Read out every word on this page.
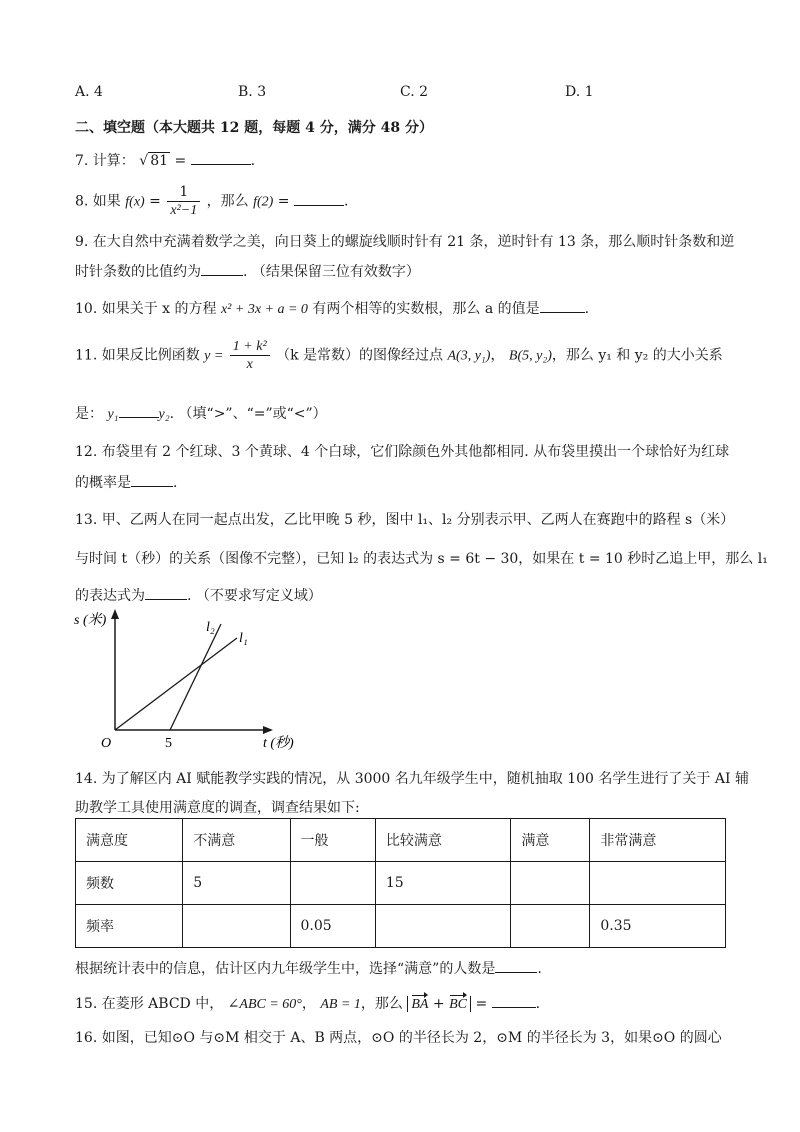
A. 4	B. 3	C. 2	D. 1
二、填空题（本大题共 12 题，每题 4 分，满分 48 分）
7. 计算： √ 81 =	.
8. 如果 $f(x) = \frac{1}{\text{x²−1}}$ ，那么 f(2) =	.
9. 在大自然中充满着数学之美，向日葵上的螺旋线顺时针有 21 条，逆时针有 13 条，那么顺时针条数和逆
时针条数的比值约为	. （结果保留三位有效数字）
10. 如果关于 x 的方程 x² + 3x + a = 0 有两个相等的实数根，那么 a 的值是	.
11. 如果反比例函数 $y = \frac{\text{1 + k²}}{x} (k$ 是常数）的图像经过点 A(3, y₁)， B(5, y₂)，那么 y₁ 和 y₂ 的大小关系
是： y₁	y₂. （填“>”、“=”或“<”）
12. 布袋里有 2 个红球、3 个黄球、4 个白球，它们除颜色外其他都相同. 从布袋里摸出一个球恰好为红球
的概率是	.
13. 甲、乙两人在同一起点出发，乙比甲晚 5 秒，图中 l₁、l₂ 分别表示甲、乙两人在赛跑中的路程 s（米）
与时间 t（秒）的关系（图像不完整），已知 l₂ 的表达式为 s = 6t − 30，如果在 t = 10 秒时乙追上甲，那么 l₁
的表达式为	. （不要求写定义域）
s (米)
t (秒)
O	5
l₂
l₁
14. 为了解区内 AI 赋能教学实践的情况，从 3000 名九年级学生中，随机抽取 100 名学生进行了关于 AI 辅
助教学工具使用满意度的调查，调查结果如下:
满意度	不满意	一般	比较满意	满意	非常满意
频数	5		15		
频率		0.05			0.35
根据统计表中的信息，估计区内九年级学生中，选择“满意”的人数是	.
15. 在菱形 ABCD 中， ∠ABC = 60°， AB = 1，那么 BA + BC =	.
16. 如图，已知⊙O 与⊙M 相交于 A、B 两点，⊙O 的半径长为 2，⊙M 的半径长为 3，如果⊙O 的圆心
